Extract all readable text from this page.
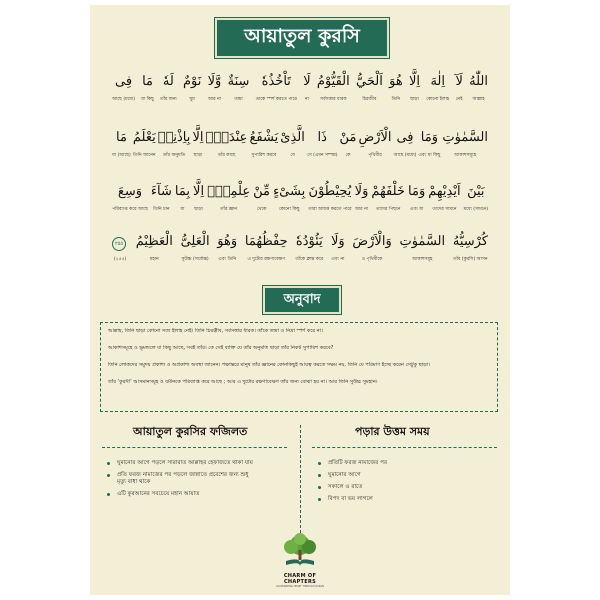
আয়াতুল কুরসি
اللّٰهُ
আল্লাহ
لَآ
নেই
اِلٰهَ
কোনো ইলাহ
اِلَّا
ছাড়া
هُوَ
তিনি
اَلْحَيُّ
চিরজীব
الْقَيُّوْمُ
সর্বসত্তার ধারক
لَا
না
تَاْخُذُهٗ
তাকে স্পর্শ করতে পারে
سِنَةٌ
তন্দ্রা
وَّلَا
আর না
نَوْمٌ
ঘুম
لَهٗ
তাঁর জন্য
مَا
যা কিছু
فِى
আছে (মধ্যে)
السَّمٰوٰتِ
আকাশসমূহে
وَمَا
এবং যা কিছু
فِى
আছে (মধ্যে)
الْاَرْضِ
পৃথিবীর
مَنْ
কে
ذَا
সে (এমন সম্পন্ন)
الَّذِىْ
যে
يَشْفَعُ
সুপারিশ করবে
عِنْدَهٗۤ
তাঁর কাছে
اِلَّا
ছাড়া
بِاِذْنِهٖ
তাঁর অনুমতি
يَعْلَمُ
তিনি জানেন
مَا
যা (আছে)
بَيْنَ
মধ্যে (সামনে)
اَيْدِيْهِمْ
তাদের সামনে
وَمَا
এবং যা
خَلْفَهُمْ
তাদের পিছনে
وَلَا
আর না
يُحِيْطُوْنَ
তারা আয়ত্ত করতে পারে
بِشَىْءٍ
কোনো কিছু
مِّنْ
থেকে
عِلْمِهٖۤ
তাঁর জ্ঞান
اِلَّا
ছাড়া
بِمَا
যা
شَآءَ
তিনি চান
وَسِعَ
পরিব্যাপ্ত করে আছে
كُرْسِيُّهُ
তাঁর (কুরসি) আসন
السَّمٰوٰتِ
আকাশসমূহ
وَالْاَرْضَ
ও পৃথিবীকে
وَلَا
এবং না
يَئُوْدُهٗ
তাঁকে ক্লান্ত করে
حِفْظُهُمَا
এ দুটোর রক্ষণাবেক্ষণ
وَهُوَ
এবং তিনি
الْعَلِىُّ
সুউচ্চ (সর্বোচ্চ)
الْعَظِيْمُ
মহান
٢٥٥
(২৫৫)
অনুবাদ
আল্লাহ, তিনি ছাড়া কোনো সত্য ইলাহ নেই। তিনি চিরঞ্জীব, সর্বসত্তার ধারক। তাঁকে তন্দ্রা ও নিদ্রা স্পর্শ করে না।
আকাশসমূহে ও ভূমন্ডলে যা কিছু আছে, সবই তাঁর। কে সেই ব্যক্তি যে তাঁর অনুমতি ছাড়া তাঁর নিকট সুপারিশ করবে?
তিনি লোকদের সমুদয় প্রকাশ্য ও অপ্রকাশ্য অবস্থা জানেন। পক্ষান্তরে মানুষ তাঁর জ্ঞানের কোনকিছুই আয়ত্ব করতে সক্ষম নয়, তিনি যে পরিমাণ ইচ্ছে করেন সেটুকু ছাড়া।
তাঁর ‘কুরসী’ আসমানসমূহ ও যমীনকে পরিব্যাপ্ত করে আছে ; আর এ দুটোর রক্ষণাবেক্ষণ তাঁর জন্য বোঝা হয় না। আর তিনি সুউচ্চ সুমহান।
আয়াতুল কুরসির ফজিলত	পড়ার উত্তম সময়
ঘুমানোর আগে পড়লে সারারাত আল্লাহর হেফাজতে থাকা যায়
প্রতি ফরজ নামাজের পর পড়লে জান্নাতে প্রবেশের জন্য শুধু
মৃত্যু বাধা থাকে
এটি কুরআনের সবচেয়ে মহান আয়াত
প্রতিটি ফরজ নামাজের পর
ঘুমানোর আগে
সকালে ও রাতে
বিপদ বা ভয় লাগলে
CHARM OF CHAPTERS
ILLUMINATING HEART THROUGH QURAN
